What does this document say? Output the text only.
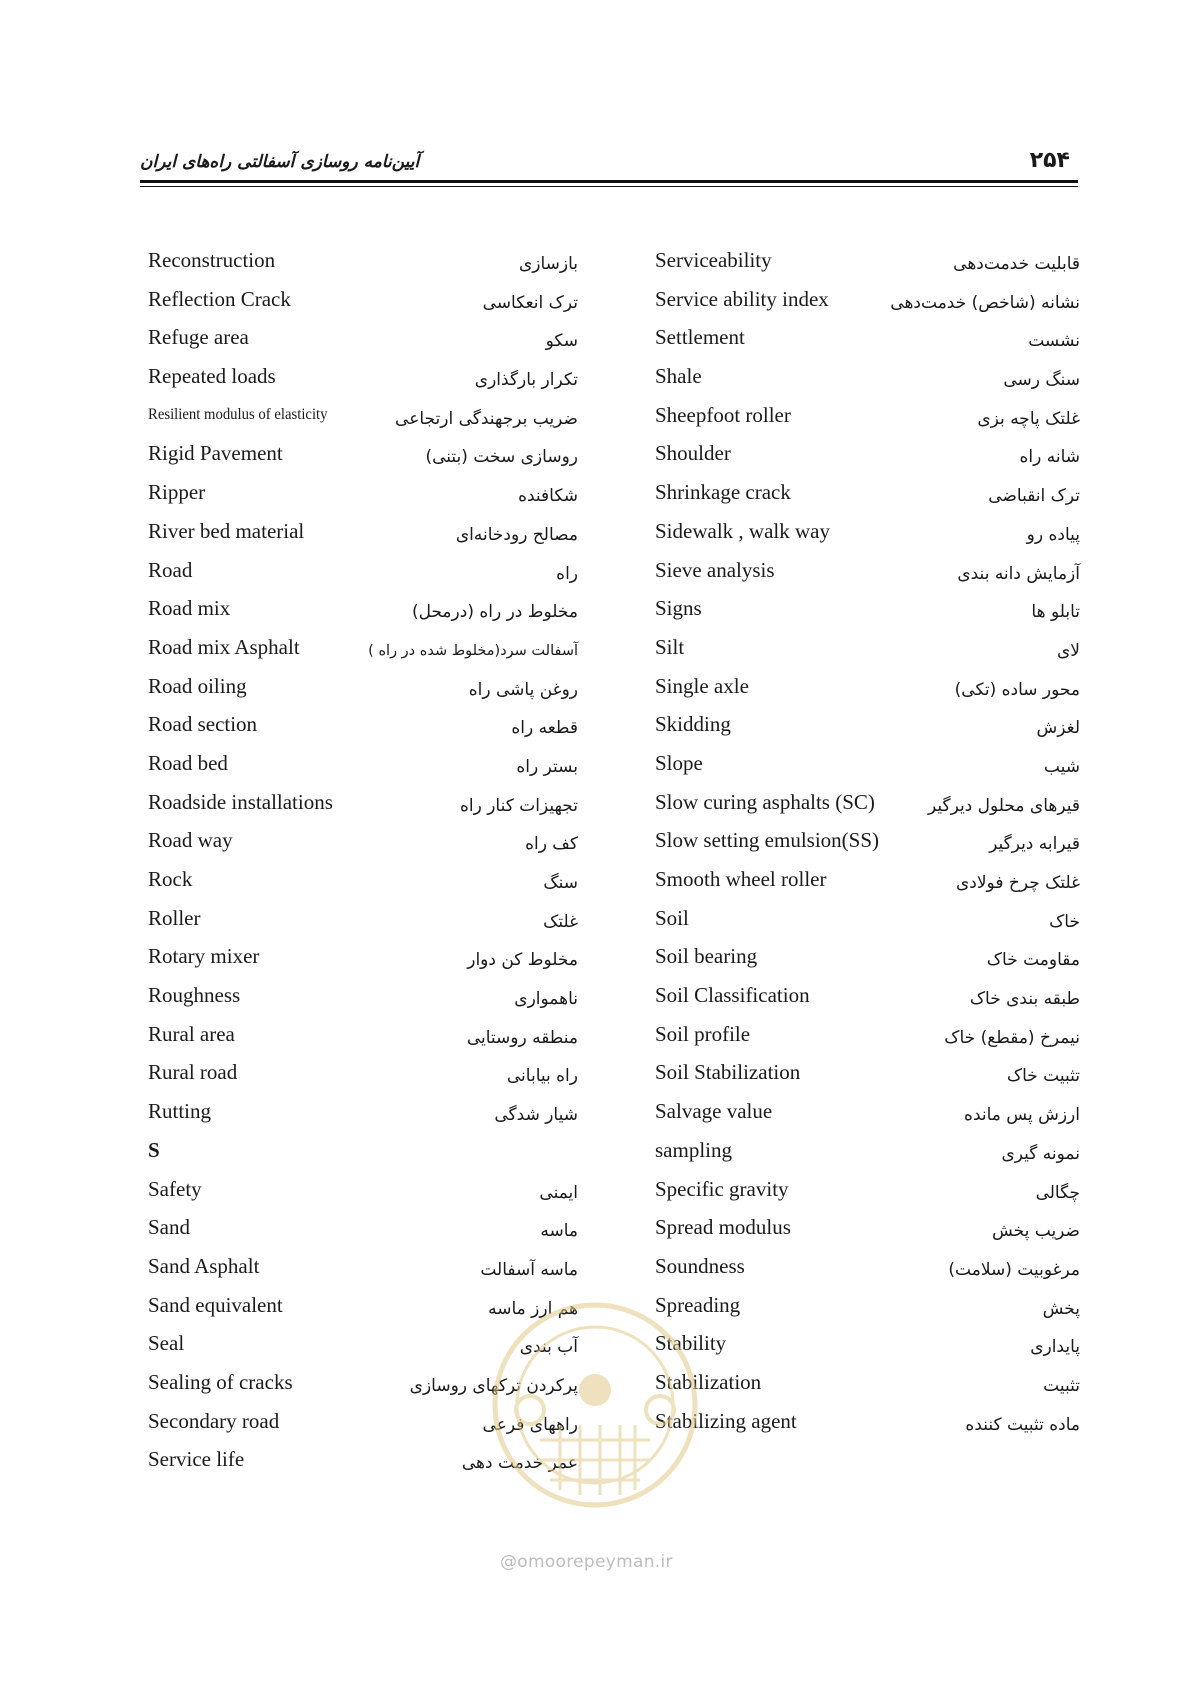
۲۵۴
آیین‌نامه روسازی آسفالتی راه‌های ایران
Reconstruction	بازسازی
Reflection Crack	ترک انعکاسی
Refuge area	سکو
Repeated loads	تکرار بارگذاری
Resilient modulus of elasticity	ضریب برجهندگی ارتجاعی
Rigid Pavement	روسازی سخت (بتنی)
Ripper	شکافنده
River bed material	مصالح رودخانه‌ای
Road	راه
Road mix	مخلوط در راه (درمحل)
Road mix Asphalt	آسفالت سرد(مخلوط شده در راه )
Road oiling	روغن پاشی راه
Road section	قطعه راه
Road bed	بستر راه
Roadside installations	تجهیزات کنار راه
Road way	کف راه
Rock	سنگ
Roller	غلتک
Rotary mixer	مخلوط کن دوار
Roughness	ناهمواری
Rural area	منطقه روستایی
Rural road	راه بیابانی
Rutting	شیار شدگی
S
Safety	ایمنی
Sand	ماسه
Sand Asphalt	ماسه آسفالت
Sand equivalent	هم ارز ماسه
Seal	آب بندی
Sealing of cracks	پرکردن ترکهای روسازی
Secondary road	راههای فرعی
Service life	عمر خدمت دهی
Serviceability	قابلیت خدمت‌دهی
Service ability index	نشانه (شاخص) خدمت‌دهی
Settlement	نشست
Shale	سنگ رسی
Sheepfoot roller	غلتک پاچه بزی
Shoulder	شانه راه
Shrinkage crack	ترک انقباضی
Sidewalk , walk way	پیاده رو
Sieve analysis	آزمایش دانه بندی
Signs	تابلو ها
Silt	لای
Single axle	محور ساده (تکی)
Skidding	لغزش
Slope	شیب
Slow curing asphalts (SC)	قیرهای محلول دیرگیر
Slow setting emulsion(SS)	قیرابه دیرگیر
Smooth wheel roller	غلتک چرخ فولادی
Soil	خاک
Soil bearing	مقاومت خاک
Soil Classification	طبقه بندی خاک
Soil profile	نیمرخ (مقطع) خاک
Soil Stabilization	تثبیت خاک
Salvage value	ارزش پس مانده
sampling	نمونه گیری
Specific gravity	چگالی
Spread modulus	ضریب پخش
Soundness	مرغوبیت (سلامت)
Spreading	پخش
Stability	پایداری
Stabilization	تثبیت
Stabilizing agent	ماده تثبیت کننده
@omoorepeyman.ir
